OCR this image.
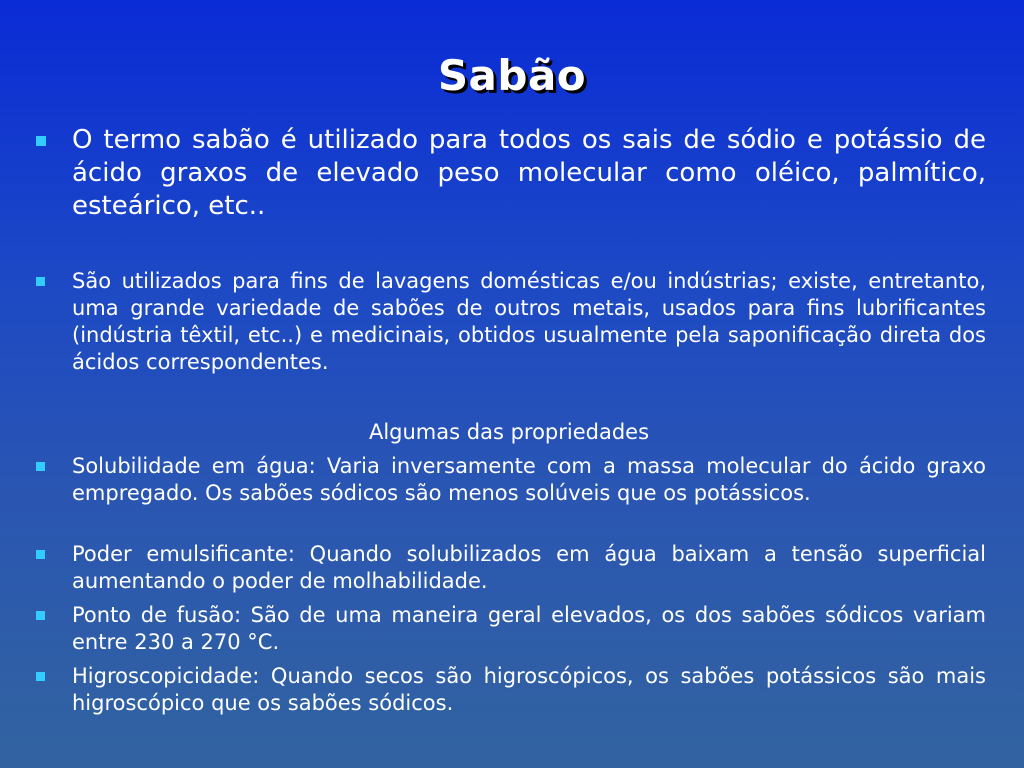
Sabão
O termo sabão é utilizado para todos os sais de sódio e potássio de ácido graxos de elevado peso molecular como oléico, palmítico, esteárico, etc..
São utilizados para fins de lavagens domésticas e/ou indústrias; existe, entretanto, uma grande variedade de sabões de outros metais, usados para fins lubrificantes (indústria têxtil, etc..) e medicinais, obtidos usualmente pela saponificação direta dos ácidos correspondentes.
Algumas das propriedades
Solubilidade em água: Varia inversamente com a massa molecular do ácido graxo empregado. Os sabões sódicos são menos solúveis que os potássicos.
Poder emulsificante: Quando solubilizados em água baixam a tensão superficial aumentando o poder de molhabilidade.
Ponto de fusão: São de uma maneira geral elevados, os dos sabões sódicos variam entre 230 a 270 °C.
Higroscopicidade: Quando secos são higroscópicos, os sabões potássicos são mais higroscópico que os sabões sódicos.
